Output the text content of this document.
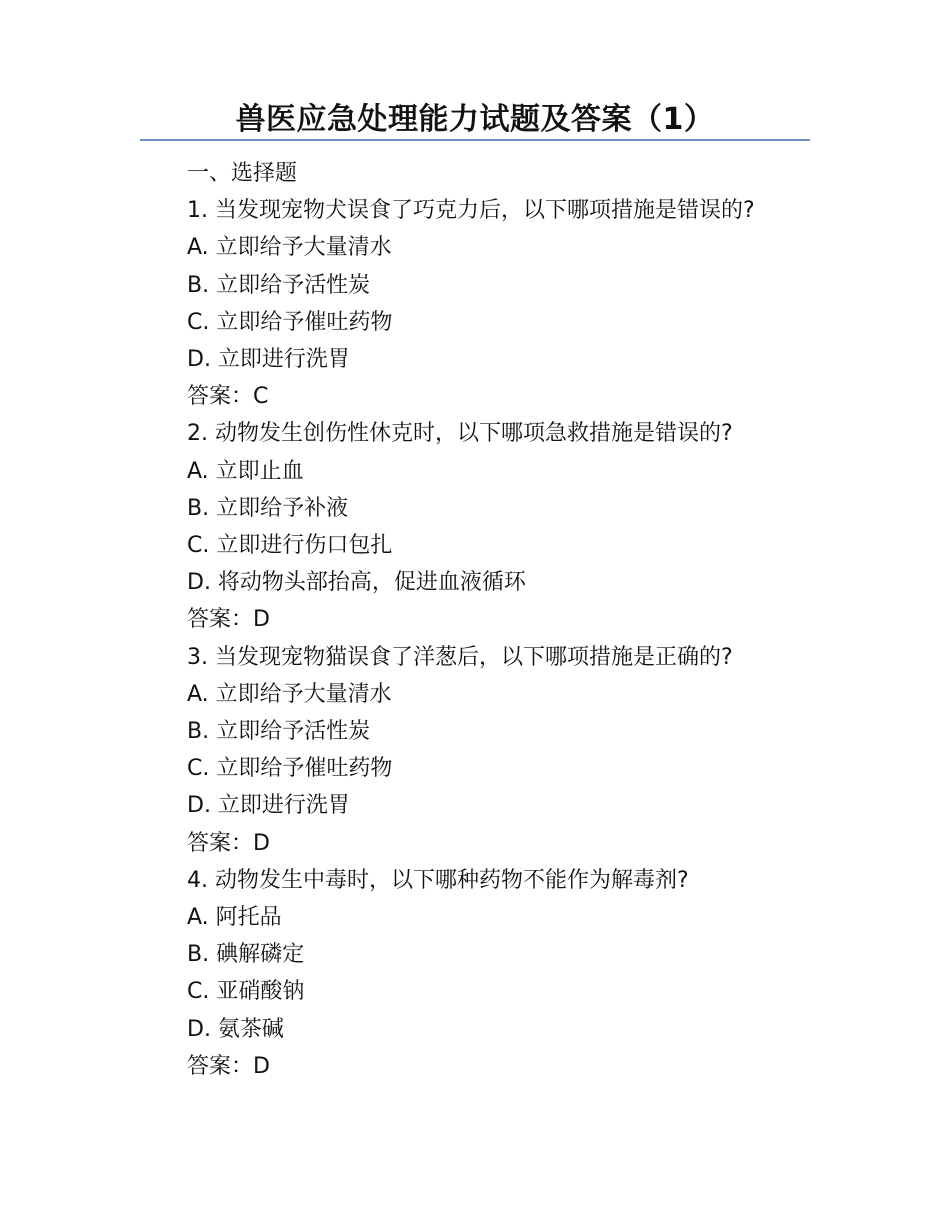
兽医应急处理能力试题及答案（1）
一、选择题
1. 当发现宠物犬误食了巧克力后，以下哪项措施是错误的?
A. 立即给予大量清水
B. 立即给予活性炭
C. 立即给予催吐药物
D. 立即进行洗胃
答案：C
2. 动物发生创伤性休克时，以下哪项急救措施是错误的?
A. 立即止血
B. 立即给予补液
C. 立即进行伤口包扎
D. 将动物头部抬高，促进血液循环
答案：D
3. 当发现宠物猫误食了洋葱后，以下哪项措施是正确的?
A. 立即给予大量清水
B. 立即给予活性炭
C. 立即给予催吐药物
D. 立即进行洗胃
答案：D
4. 动物发生中毒时，以下哪种药物不能作为解毒剂?
A. 阿托品
B. 碘解磷定
C. 亚硝酸钠
D. 氨茶碱
答案：D
